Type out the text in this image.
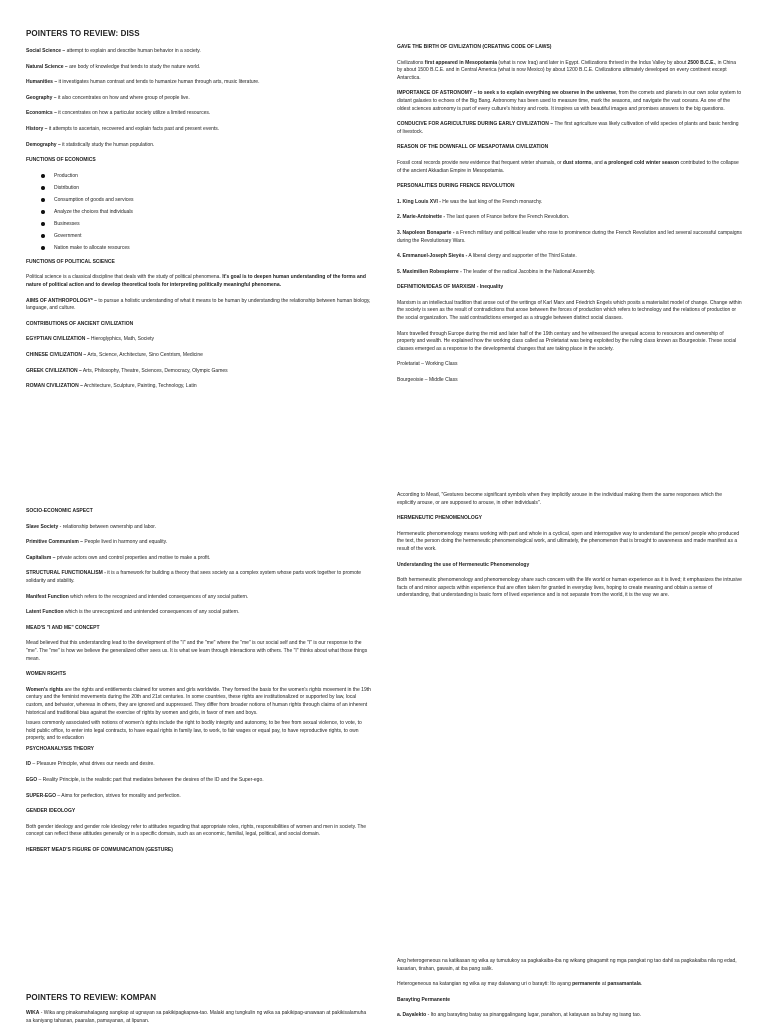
POINTERS TO REVIEW: DISS

Social Science – attempt to explain and describe human behavior in a society.

Natural Science – are body of knowledge that tends to study the nature world.

Humanities – it investigates human contrast and tends to humanize human through arts, music literature.

Geography – it also concentrates on how and where group of people live.

Economics – it concentrates on how a particular society utilize a limited resources.

History – it attempts to ascertain, recovered and explain facts past and present events.

Demography – it statistically study the human population.

FUNCTIONS OF ECONOMICS

Production
Distribution
Consumption of goods and services
Analyze the choices that individuals
Businesses
Government
Nation make to allocate resources

FUNCTIONS OF POLITICAL SCIENCE

Political science is a classical discipline that deals with the study of political phenomena. It's goal is to deepen human understanding of the forms and nature of political action and to develop theoretical tools for interpreting politically meaningful phenomena.

AIMS OF ANTHROPOLOGY* – to pursue a holistic understanding of what it means to be human by understanding the relationship between human biology, language, and culture.

CONTRIBUTIONS OF ANCIENT CIVILIZATION

EGYPTIAN CIVILIZATION – Hieroglyphics, Math, Society

CHINESE CIVILIZATION – Arts, Science, Architecture, Sino Centrism, Medicine

GREEK CIVILIZATION – Arts, Philosophy, Theatre, Sciences, Democracy, Olympic Games

ROMAN CIVILIZATION – Architecture, Sculpture, Painting, Technology, Latin

GAVE THE BIRTH OF CIVILIZATION (CREATING CODE OF LAWS)

Civilizations first appeared in Mesopotamia (what is now Iraq) and later in Egypt. Civilizations thrived in the Indus Valley by about 2500 B.C.E., in China by about 1500 B.C.E. and in Central America (what is now Mexico) by about 1200 B.C.E. Civilizations ultimately developed on every continent except Antarctica.

IMPORTANCE OF ASTRONOMY – to seek s to explain everything we observe in the universe, from the comets and planets in our own solar system to distant galaxies to echoes of the Big Bang. Astronomy has been used to measure time, mark the seasons, and navigate the vast oceans. As one of the oldest sciences astronomy is part of every culture's history and roots. It inspires us with beautiful images and promises answers to the big questions.

CONDUCIVE FOR AGRICULTURE DURING EARLY CIVILIZATION – The first agriculture was likely cultivation of wild species of plants and basic herding of livestock.

REASON OF THE DOWNFALL OF MESAPOTAMIA CIVILIZATION

Fossil coral records provide new evidence that frequent winter shamals, or dust storms, and a prolonged cold winter season contributed to the collapse of the ancient Akkadian Empire in Mesopotamia.

PERSONALITIES DURING FRENCE REVOLUTION

1. King Louis XVI - He was the last king of the French monarchy.

2. Marie-Antoinette - The last queen of France before the French Revolution.

3. Napoleon Bonaparte - a French military and political leader who rose to prominence during the French Revolution and led several successful campaigns during the Revolutionary Wars.

4. Emmanuel-Joseph Sieyès - A liberal clergy and supporter of the Third Estate.

5. Maximilien Robespierre - The leader of the radical Jacobins in the National Assembly.

DEFINITION/IDEAS OF MARXISM - Inequality

Marxism is an intellectual tradition that arose out of the writings of Karl Marx and Friedrich Engels which posits a materialist model of change. Change within the society is seen as the result of contradictions that arose between the forces of production which refers to technology and the relations of production or the social organization. The said contradictions emerged as a struggle between distinct social classes.

Marx travelled through Europe during the mid and later half of the 19th century and he witnessed the unequal access to resources and ownership of property and wealth. He explained how the working class called as Proletariat was being exploited by the ruling class known as Bourgeoisie. These social classes emerged as a response to the developmental changes that are taking place in the society.

Proletariat – Working Class

Bourgeoisie – Middle Class

SOCIO-ECONOMIC ASPECT

Slave Society - relationship between ownership and labor.

Primitive Communism – People lived in harmony and equality.

Capitalism – private actors own and control properties and motive to make a profit.

STRUCTURAL FUNCTIONALISM - it is a framework for building a theory that sees society as a complex system whose parts work together to promote solidarity and stability.

Manifest Function which refers to the recognized and intended consequences of any social pattern.

Latent Function which is the unrecognized and unintended consequences of any social pattern.

MEAD'S "I AND ME" CONCEPT

Mead believed that this understanding lead to the development of the "I" and the "me" where the "me" is our social self and the "I" is our response to the "me". The "me" is how we believe the generalized other sees us. It is what we learn through interactions with others. The "I" thinks about what those things mean.

WOMEN RIGHTS

Women's rights are the rights and entitlements claimed for women and girls worldwide. They formed the basis for the women's rights movement in the 19th century and the feminist movements during the 20th and 21st centuries. In some countries, these rights are institutionalized or supported by law, local custom, and behavior, whereas in others, they are ignored and suppressed. They differ from broader notions of human rights through claims of an inherent historical and traditional bias against the exercise of rights by women and girls, in favor of men and boys.

Issues commonly associated with notions of women's rights include the right to bodily integrity and autonomy, to be free from sexual violence, to vote, to hold public office, to enter into legal contracts, to have equal rights in family law, to work, to fair wages or equal pay, to have reproductive rights, to own property, and to education

PSYCHOANALYSIS THEORY

ID – Pleasure Principle, what drives our needs and desire.

EGO – Reality Principle, is the realistic part that mediates between the desires of the ID and the Super-ego.

SUPER-EGO – Aims for perfection, strives for morality and perfection.

GENDER IDEOLOGY

Both gender ideology and gender role ideology refer to attitudes regarding that appropriate roles, rights, responsibilities of women and men in society. The concept can reflect these attitudes generally or in a specific domain, such as an economic, familial, legal, political, and social domain.

HERBERT MEAD'S FIGURE OF COMMUNICATION (GESTURE)

According to Mead, "Gestures become significant symbols when they implicitly arouse in the individual making them the same responses which the explicitly arouse, or are supposed to arouse, in other individuals".

HERMENEUTIC PHENOMENOLOGY

Hermeneutic phenomenology means working with part and whole in a cyclical, open and interrogative way to understand the person/ people who produced the text, the person doing the hermeneutic phenomenological work, and ultimately, the phenomenon that is brought to awareness and made manifest as a result of the work.

Understanding the use of Hermeneutic Phenomenology

Both hermeneutic phenomenology and phenomenology share such concern with the life world or human experience as it is lived; it emphasizes the intrusive facts of and minor aspects within experience that are often taken for granted in everyday lives, hoping to create meaning and obtain a sense of understanding, that understanding is basic form of lived experience and is not separate from the world, it is the way we are.

POINTERS TO REVIEW: KOMPAN

WIKA - Wika ang pinakamahalagang sangkap at ugnayan sa pakikipagkapwa-tao. Malaki ang tungkulin ng wika sa pakikipag-unawaan at pakikisalamuha sa kaniyang tahanan, paaralan, pamayanan, at lipunan.

Ang heterogeneous na katikasan ng wika ay tumutukoy sa pagkakaiba-iba ng wikang ginagamit ng mga pangkat ng tao dahil sa pagkakaiba nila ng edad, kasarian, tirahan, gawain, at iba pang salik.

Heterogeneous na katangian ng wika ay may dalawang uri o barayti: Ito ayang permanente at pansamantala.

Barayting Permanente

a. Dayalekto - Ito ang barayting batay sa pinanggalingang lugar, panahon, at katayuan sa buhay ng isang tao.
